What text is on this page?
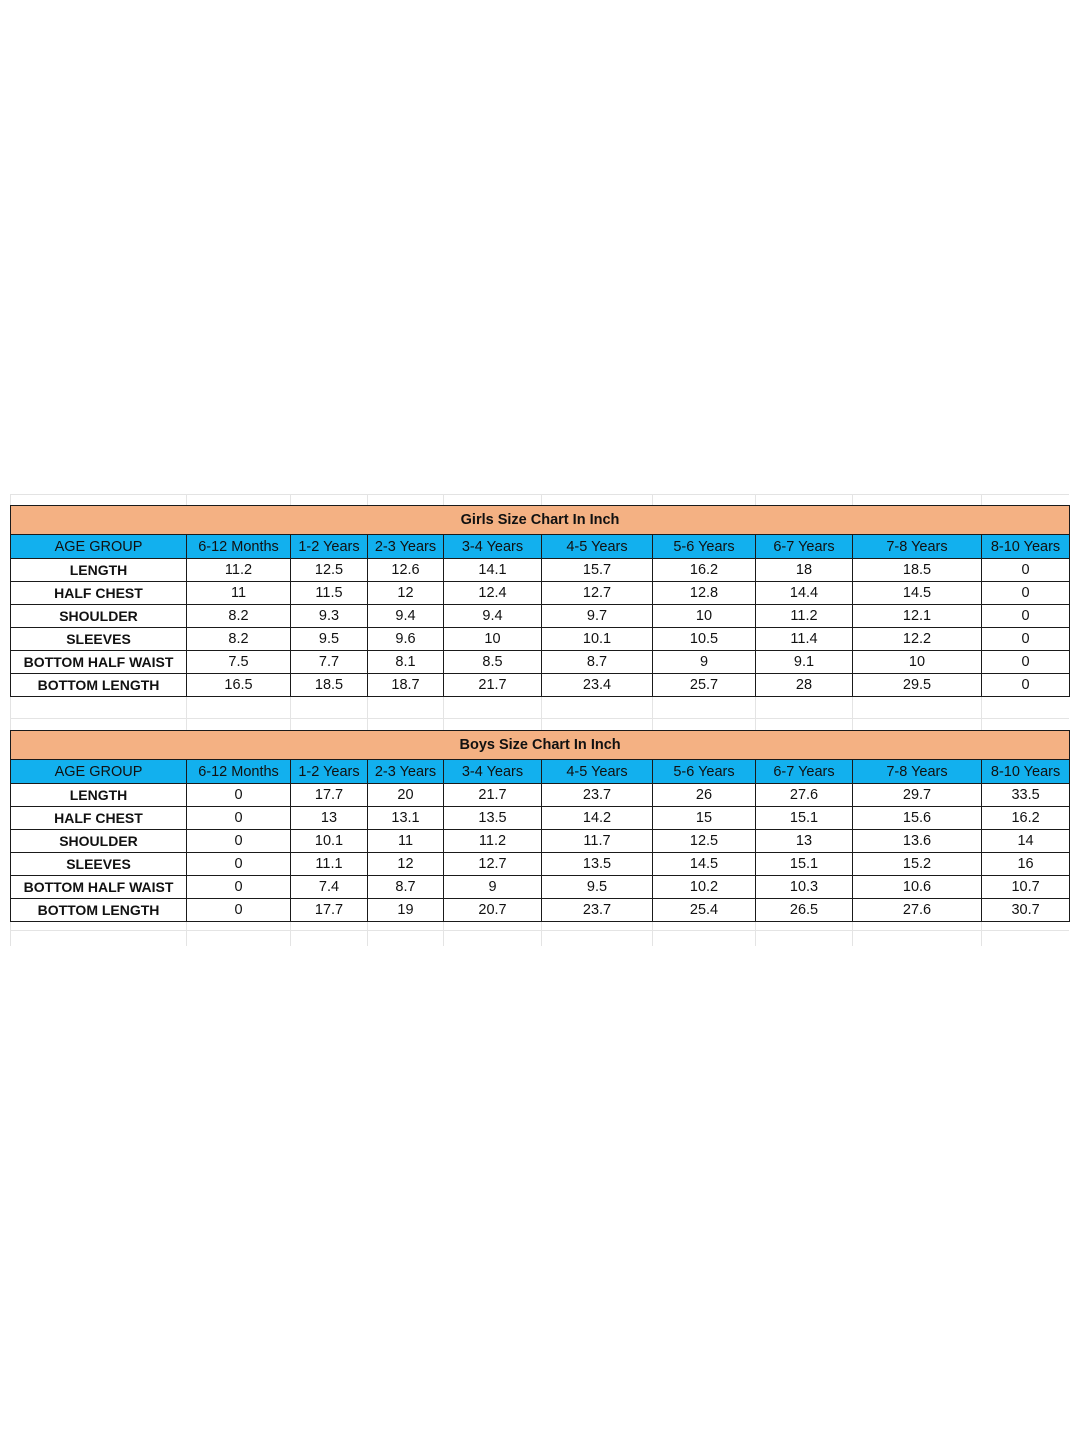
Girls Size Chart In Inch									
AGE GROUP	6-12 Months	1-2 Years	2-3 Years	3-4 Years	4-5 Years	5-6 Years	6-7 Years	7-8 Years	8-10 Years
LENGTH	11.2	12.5	12.6	14.1	15.7	16.2	18	18.5	0
HALF CHEST	11	11.5	12	12.4	12.7	12.8	14.4	14.5	0
SHOULDER	8.2	9.3	9.4	9.4	9.7	10	11.2	12.1	0
SLEEVES	8.2	9.5	9.6	10	10.1	10.5	11.4	12.2	0
BOTTOM HALF WAIST	7.5	7.7	8.1	8.5	8.7	9	9.1	10	0
BOTTOM LENGTH	16.5	18.5	18.7	21.7	23.4	25.7	28	29.5	0
Boys Size Chart In Inch									
AGE GROUP	6-12 Months	1-2 Years	2-3 Years	3-4 Years	4-5 Years	5-6 Years	6-7 Years	7-8 Years	8-10 Years
LENGTH	0	17.7	20	21.7	23.7	26	27.6	29.7	33.5
HALF CHEST	0	13	13.1	13.5	14.2	15	15.1	15.6	16.2
SHOULDER	0	10.1	11	11.2	11.7	12.5	13	13.6	14
SLEEVES	0	11.1	12	12.7	13.5	14.5	15.1	15.2	16
BOTTOM HALF WAIST	0	7.4	8.7	9	9.5	10.2	10.3	10.6	10.7
BOTTOM LENGTH	0	17.7	19	20.7	23.7	25.4	26.5	27.6	30.7
